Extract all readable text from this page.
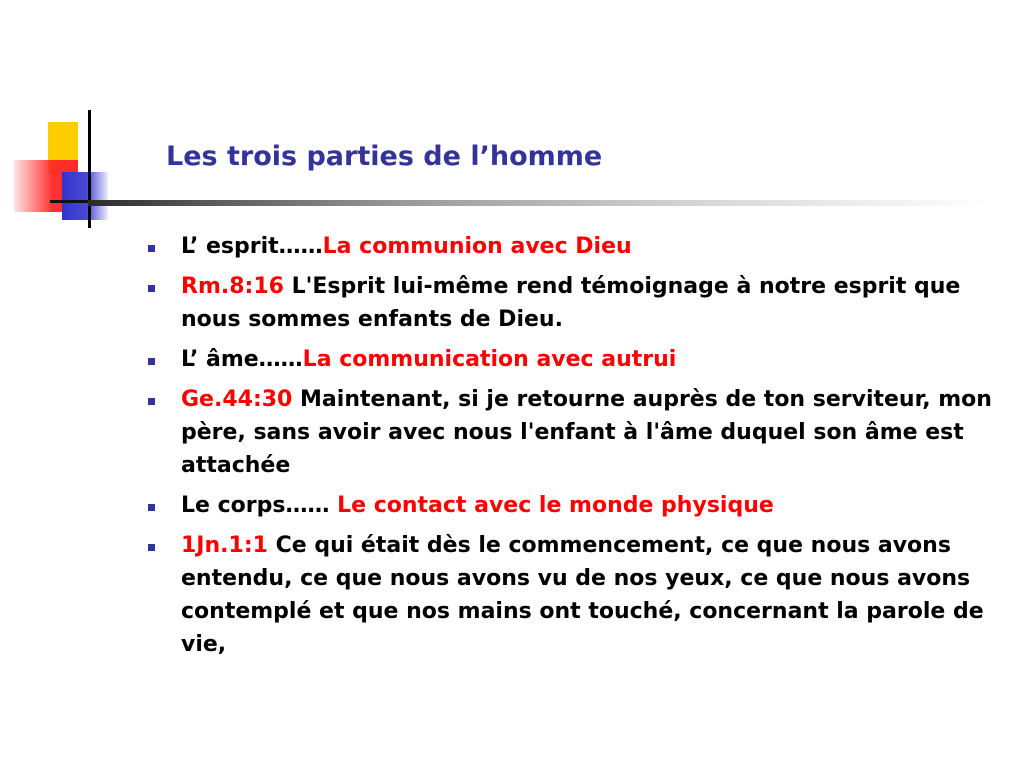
Les trois parties de l’homme
L’ esprit……La communion avec Dieu
Rm.8:16 L'Esprit lui-même rend témoignage à notre esprit que nous sommes enfants de Dieu.
L’ âme……La communication avec autrui
Ge.44:30 Maintenant, si je retourne auprès de ton serviteur, mon père, sans avoir avec nous l'enfant à l'âme duquel son âme est attachée
Le corps…… Le contact avec le monde physique
1Jn.1:1 Ce qui était dès le commencement, ce que nous avons entendu, ce que nous avons vu de nos yeux, ce que nous avons contemplé et que nos mains ont touché, concernant la parole de vie,
